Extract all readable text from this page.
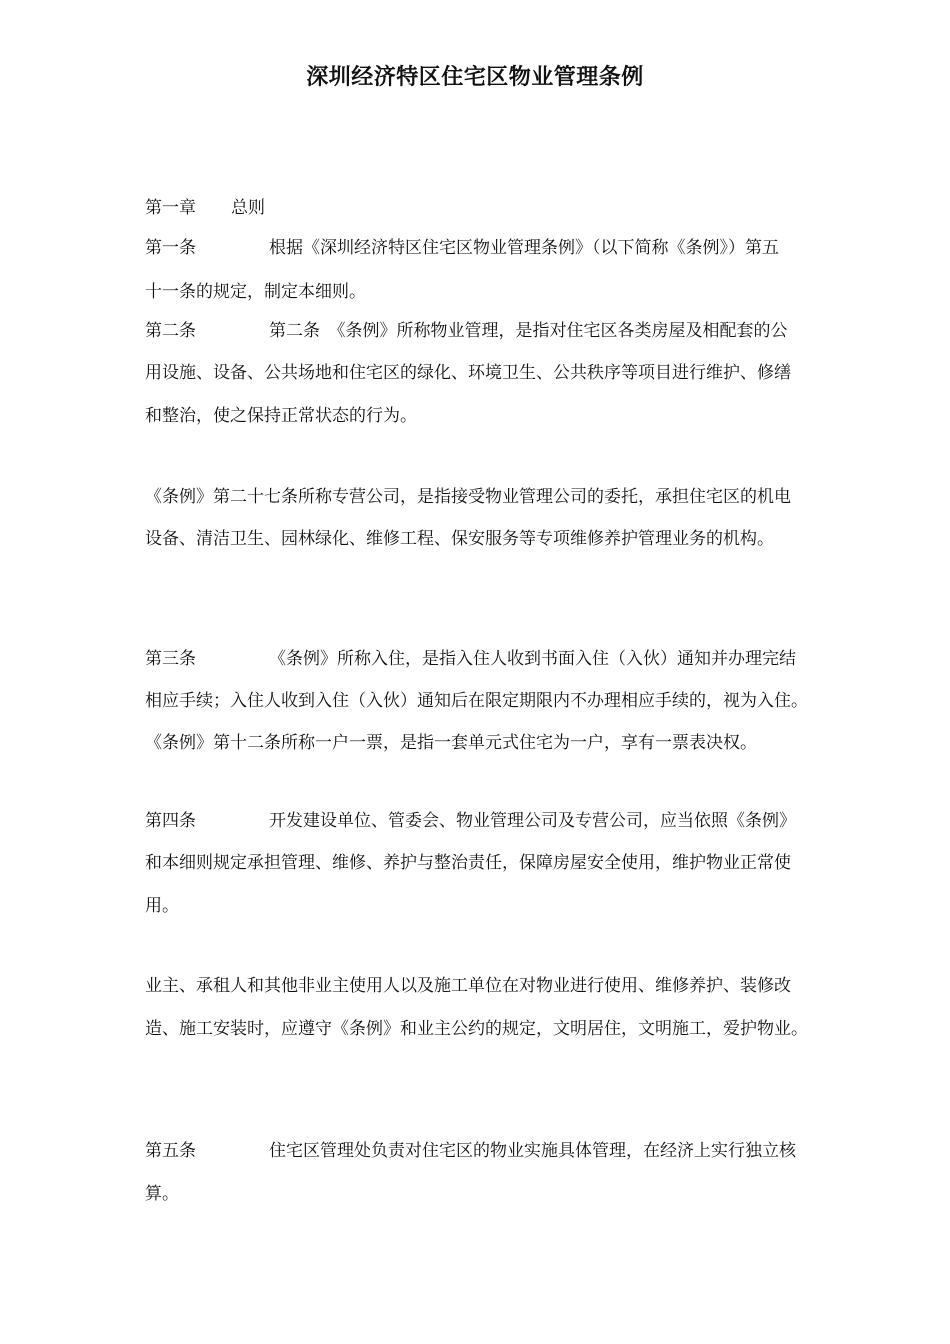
深圳经济特区住宅区物业管理条例
第一章 总则
第一条	根据《深圳经济特区住宅区物业管理条例》（以下简称《条例》）第五
十一条的规定，制定本细则。
第二条	第二条　《条例》所称物业管理，是指对住宅区各类房屋及相配套的公
用设施、设备、公共场地和住宅区的绿化、环境卫生、公共秩序等项目进行维护、修缮
和整治，使之保持正常状态的行为。
《条例》第二十七条所称专营公司，是指接受物业管理公司的委托，承担住宅区的机电
设备、清洁卫生、园林绿化、维修工程、保安服务等专项维修养护管理业务的机构。
第三条	《条例》所称入住，是指入住人收到书面入住（入伙）通知并办理完结
相应手续；入住人收到入住（入伙）通知后在限定期限内不办理相应手续的，视为入住。
《条例》第十二条所称一户一票，是指一套单元式住宅为一户，享有一票表决权。
第四条	开发建设单位、管委会、物业管理公司及专营公司，应当依照《条例》
和本细则规定承担管理、维修、养护与整治责任，保障房屋安全使用，维护物业正常使
用。
业主、承租人和其他非业主使用人以及施工单位在对物业进行使用、维修养护、装修改
造、施工安装时，应遵守《条例》和业主公约的规定，文明居住，文明施工，爱护物业。
第五条	住宅区管理处负责对住宅区的物业实施具体管理，在经济上实行独立核
算。
